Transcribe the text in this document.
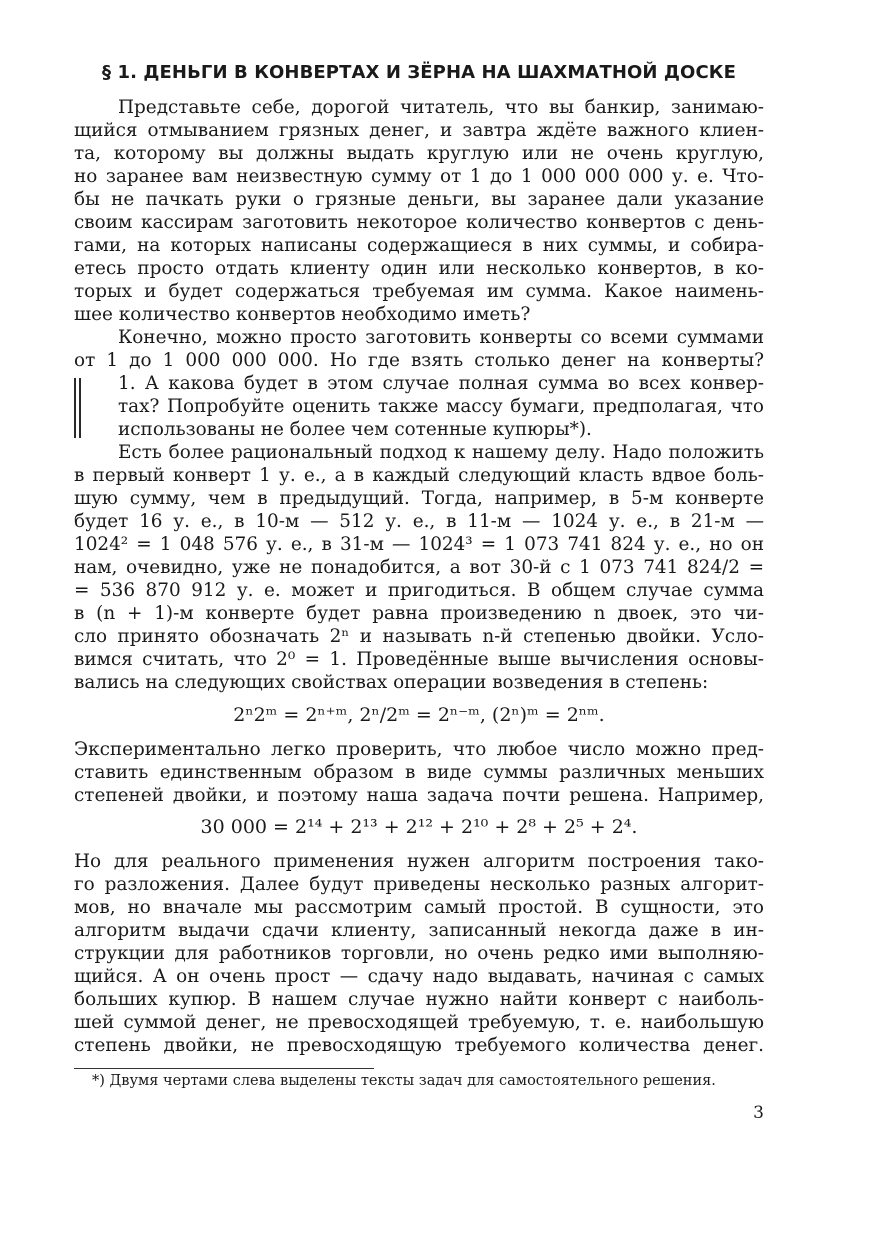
§ 1. ДЕНЬГИ В КОНВЕРТАХ И ЗЁРНА НА ШАХМАТНОЙ ДОСКЕ

Представьте себе, дорогой читатель, что вы банкир, занимаю-

щийся отмыванием грязных денег, и завтра ждёте важного клиен-

та, которому вы должны выдать круглую или не очень круглую,

но заранее вам неизвестную сумму от 1 до 1 000 000 000 у. е. Что-

бы не пачкать руки о грязные деньги, вы заранее дали указание

своим кассирам заготовить некоторое количество конвертов с день-

гами, на которых написаны содержащиеся в них суммы, и собира-

етесь просто отдать клиенту один или несколько конвертов, в ко-

торых и будет содержаться требуемая им сумма. Какое наимень-

шее количество конвертов необходимо иметь?

Конечно, можно просто заготовить конверты со всеми суммами

от 1 до 1 000 000 000. Но где взять столько денег на конверты?

1. А какова будет в этом случае полная сумма во всех конвер-

тах? Попробуйте оценить также массу бумаги, предполагая, что

использованы не более чем сотенные купюры*).

Есть более рациональный подход к нашему делу. Надо положить

в первый конверт 1 у. е., а в каждый следующий класть вдвое боль-

шую сумму, чем в предыдущий. Тогда, например, в 5-м конверте

будет 16 у. е., в 10-м — 512 у. е., в 11-м — 1024 у. е., в 21-м —

1024² = 1 048 576 у. е., в 31-м — 1024³ = 1 073 741 824 у. е., но он

нам, очевидно, уже не понадобится, а вот 30-й с 1 073 741 824/2 =

= 536 870 912 у. е. может и пригодиться. В общем случае сумма

в (n + 1)-м конверте будет равна произведению n двоек, это чи-

сло принято обозначать 2ⁿ и называть n-й степенью двойки. Усло-

вимся считать, что 2⁰ = 1. Проведённые выше вычисления основы-

вались на следующих свойствах операции возведения в степень:

2ⁿ2ᵐ = 2ⁿ⁺ᵐ, 2ⁿ/2ᵐ = 2ⁿ⁻ᵐ, (2ⁿ)ᵐ = 2ⁿᵐ.

Экспериментально легко проверить, что любое число можно пред-

ставить единственным образом в виде суммы различных меньших

степеней двойки, и поэтому наша задача почти решена. Например,

30 000 = 2¹⁴ + 2¹³ + 2¹² + 2¹⁰ + 2⁸ + 2⁵ + 2⁴.

Но для реального применения нужен алгоритм построения тако-

го разложения. Далее будут приведены несколько разных алгорит-

мов, но вначале мы рассмотрим самый простой. В сущности, это

алгоритм выдачи сдачи клиенту, записанный некогда даже в ин-

струкции для работников торговли, но очень редко ими выполняю-

щийся. А он очень прост — сдачу надо выдавать, начиная с самых

больших купюр. В нашем случае нужно найти конверт с наиболь-

шей суммой денег, не превосходящей требуемую, т. е. наибольшую

степень двойки, не превосходящую требуемого количества денег.

*) Двумя чертами слева выделены тексты задач для самостоятельного решения.

3
